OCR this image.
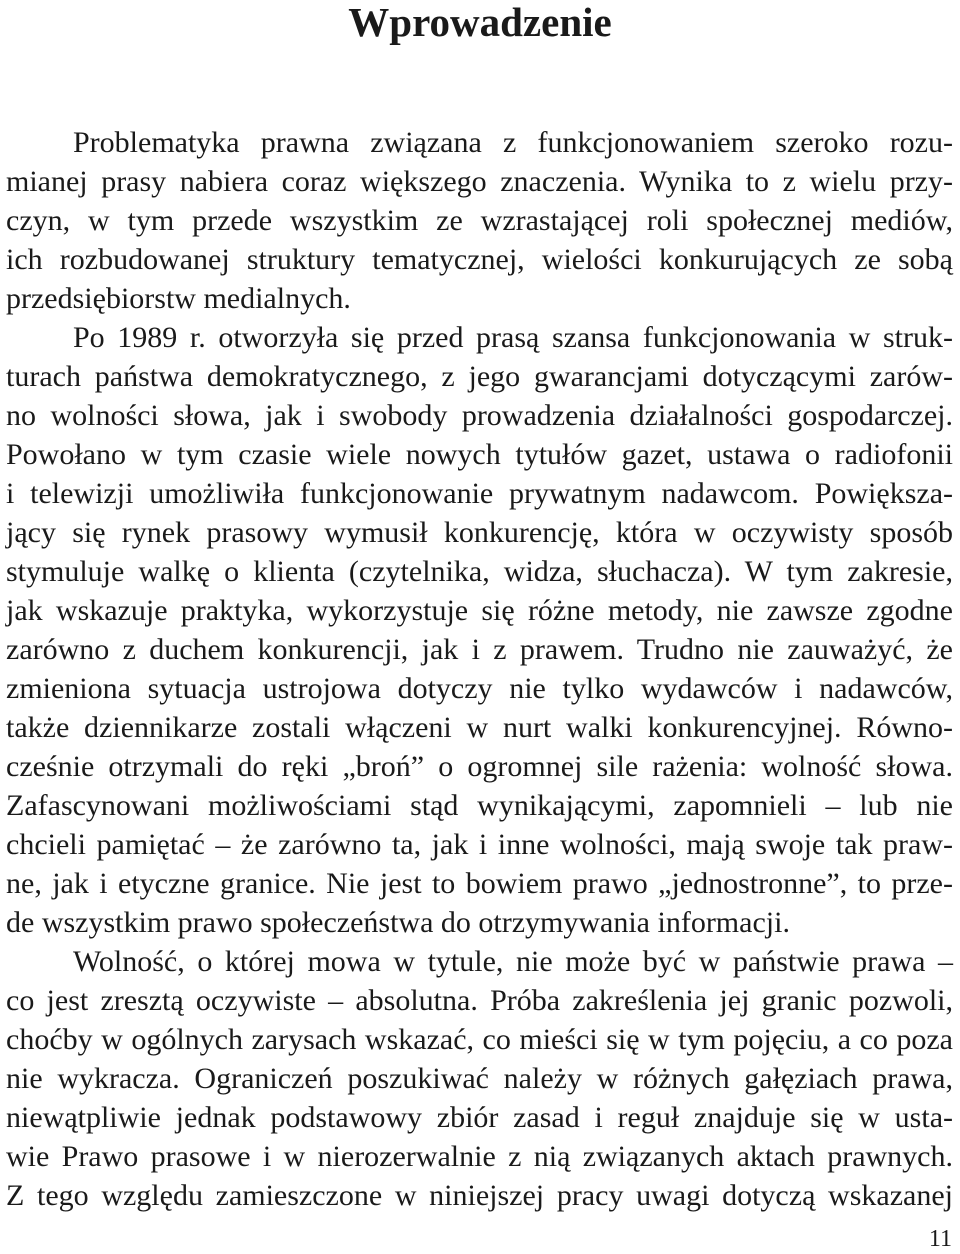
Wprowadzenie
Problematyka prawna związana z funkcjonowaniem szeroko rozu-
mianej prasy nabiera coraz większego znaczenia. Wynika to z wielu przy-
czyn, w tym przede wszystkim ze wzrastającej roli społecznej mediów,
ich rozbudowanej struktury tematycznej, wielości konkurujących ze sobą
przedsiębiorstw medialnych.
Po 1989 r. otworzyła się przed prasą szansa funkcjonowania w struk-
turach państwa demokratycznego, z jego gwarancjami dotyczącymi zarów-
no wolności słowa, jak i swobody prowadzenia działalności gospodarczej.
Powołano w tym czasie wiele nowych tytułów gazet, ustawa o radiofonii
i telewizji umożliwiła funkcjonowanie prywatnym nadawcom. Powiększa-
jący się rynek prasowy wymusił konkurencję, która w oczywisty sposób
stymuluje walkę o klienta (czytelnika, widza, słuchacza). W tym zakresie,
jak wskazuje praktyka, wykorzystuje się różne metody, nie zawsze zgodne
zarówno z duchem konkurencji, jak i z prawem. Trudno nie zauważyć, że
zmieniona sytuacja ustrojowa dotyczy nie tylko wydawców i nadawców,
także dziennikarze zostali włączeni w nurt walki konkurencyjnej. Równo-
cześnie otrzymali do ręki „broń” o ogromnej sile rażenia: wolność słowa.
Zafascynowani możliwościami stąd wynikającymi, zapomnieli – lub nie
chcieli pamiętać – że zarówno ta, jak i inne wolności, mają swoje tak praw-
ne, jak i etyczne granice. Nie jest to bowiem prawo „jednostronne”, to prze-
de wszystkim prawo społeczeństwa do otrzymywania informacji.
Wolność, o której mowa w tytule, nie może być w państwie prawa –
co jest zresztą oczywiste – absolutna. Próba zakreślenia jej granic pozwoli,
choćby w ogólnych zarysach wskazać, co mieści się w tym pojęciu, a co poza
nie wykracza. Ograniczeń poszukiwać należy w różnych gałęziach prawa,
niewątpliwie jednak podstawowy zbiór zasad i reguł znajduje się w usta-
wie Prawo prasowe i w nierozerwalnie z nią związanych aktach prawnych.
Z tego względu zamieszczone w niniejszej pracy uwagi dotyczą wskazanej
11
